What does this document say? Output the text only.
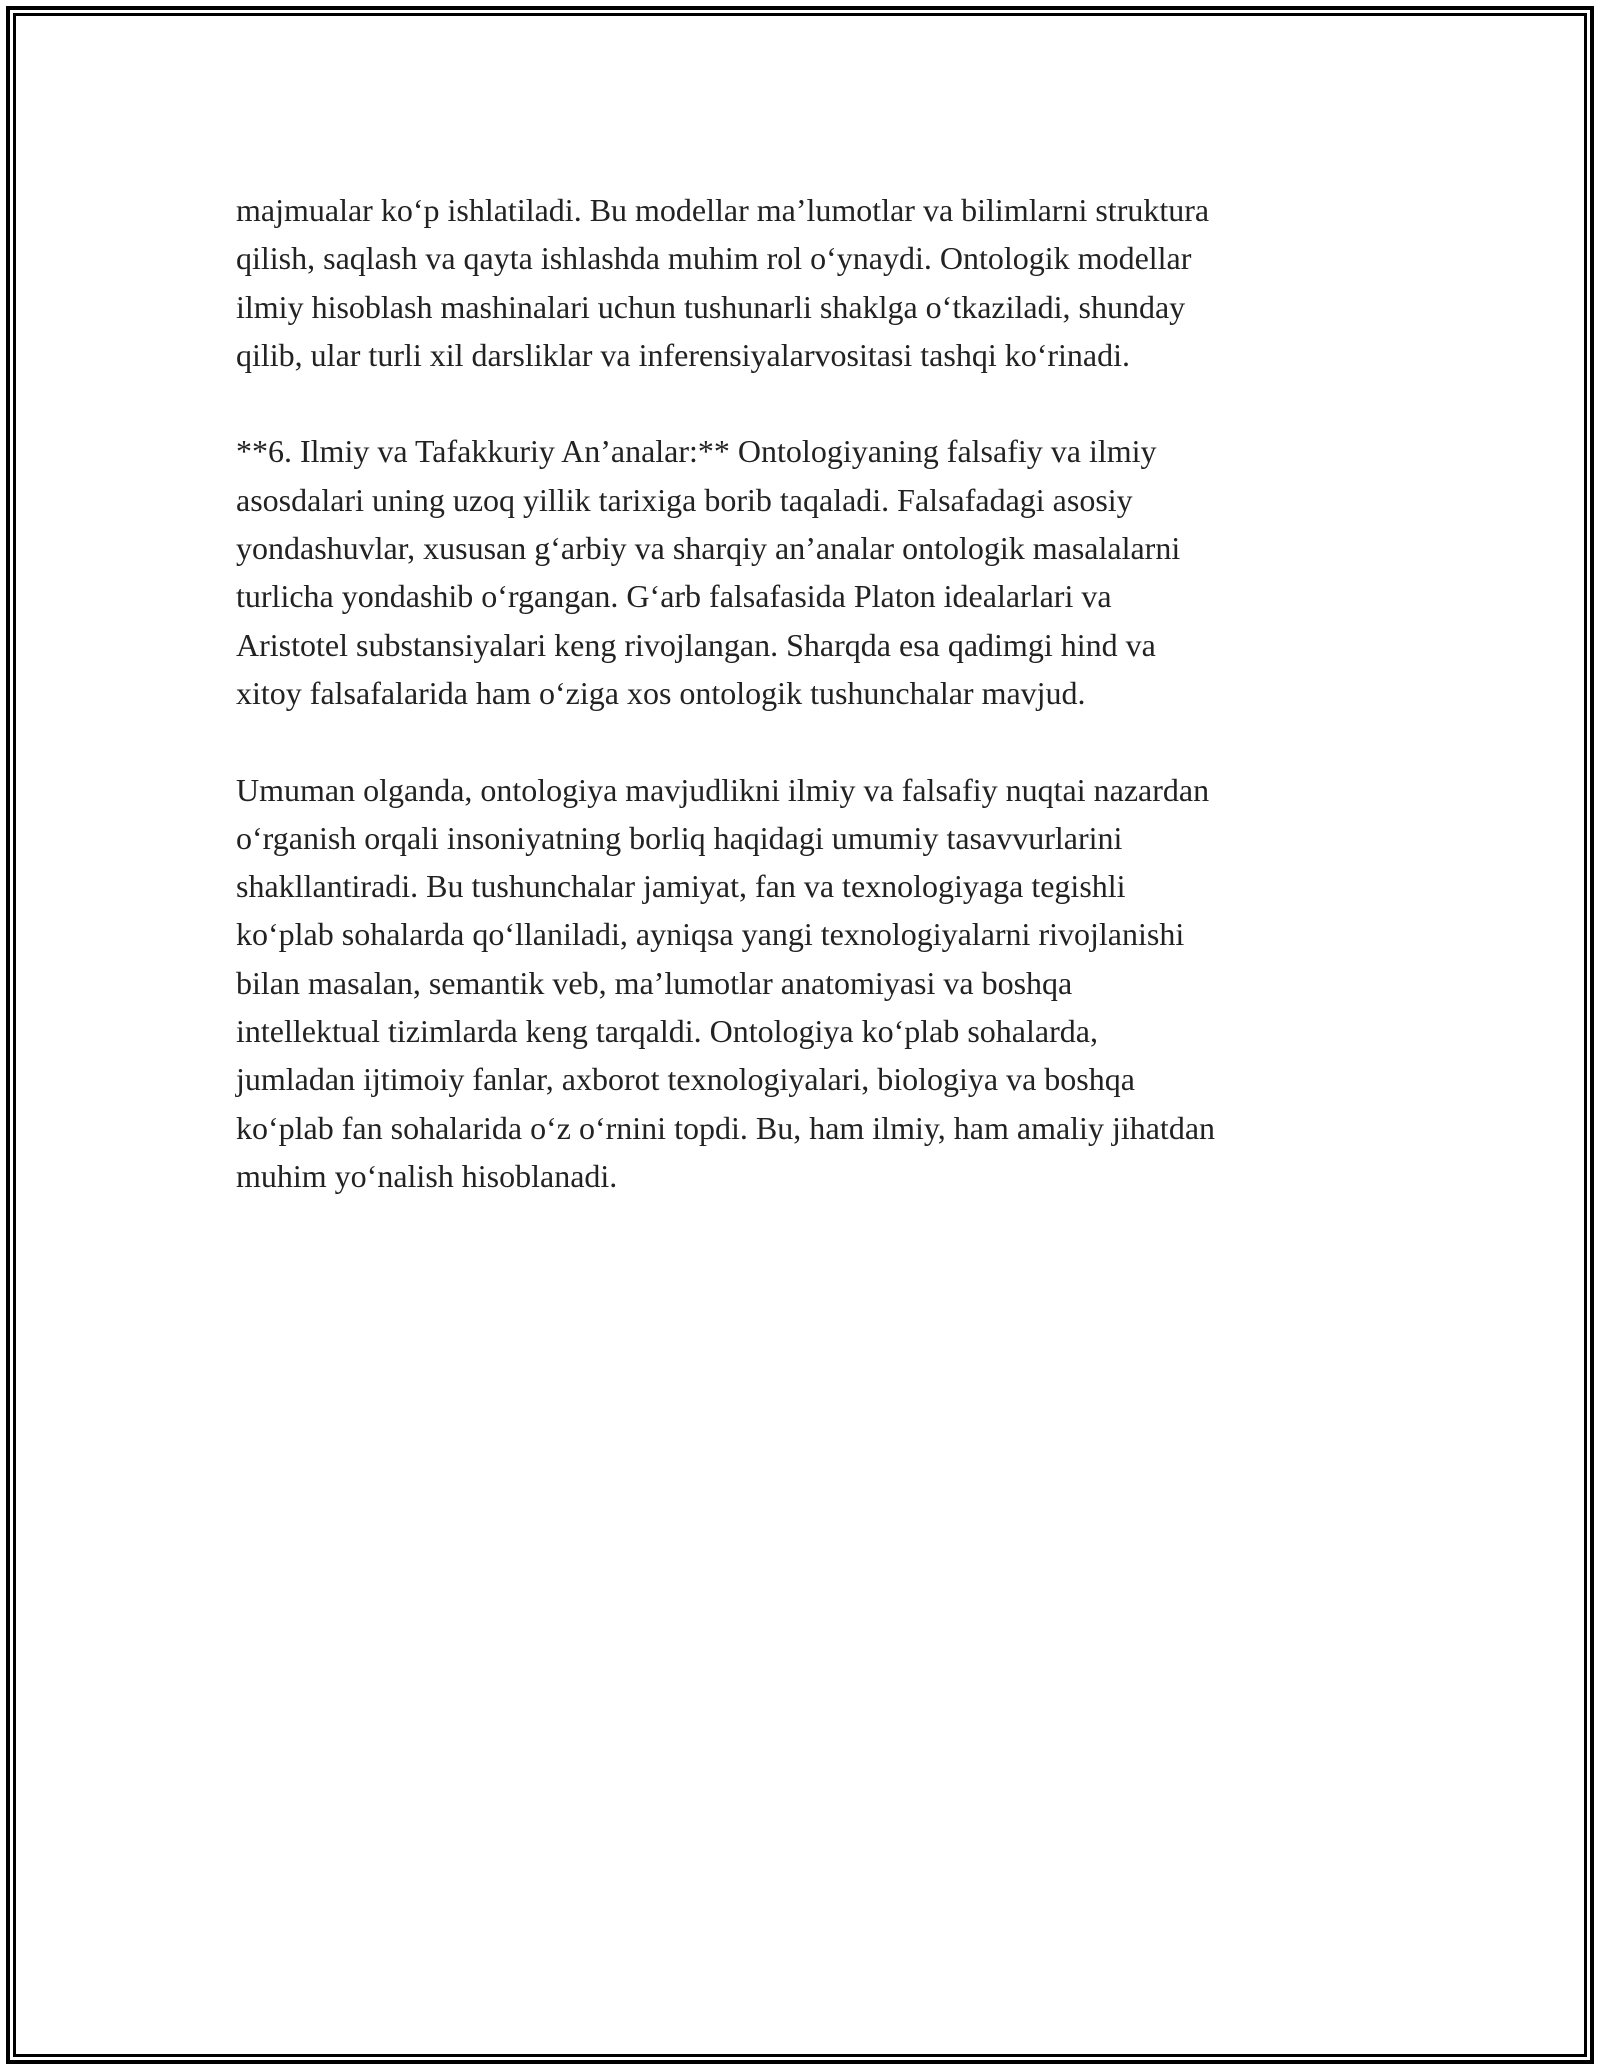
majmualar ko‘p ishlatiladi. Bu modellar ma’lumotlar va bilimlarni struktura
qilish, saqlash va qayta ishlashda muhim rol o‘ynaydi. Ontologik modellar
ilmiy hisoblash mashinalari uchun tushunarli shaklga o‘tkaziladi, shunday
qilib, ular turli xil darsliklar va inferensiyalarvositasi tashqi ko‘rinadi.

**6. Ilmiy va Tafakkuriy An’analar:** Ontologiyaning falsafiy va ilmiy
asosdalari uning uzoq yillik tarixiga borib taqaladi. Falsafadagi asosiy
yondashuvlar, xususan g‘arbiy va sharqiy an’analar ontologik masalalarni
turlicha yondashib o‘rgangan. G‘arb falsafasida Platon idealarlari va
Aristotel substansiyalari keng rivojlangan. Sharqda esa qadimgi hind va
xitoy falsafalarida ham o‘ziga xos ontologik tushunchalar mavjud.

Umuman olganda, ontologiya mavjudlikni ilmiy va falsafiy nuqtai nazardan
o‘rganish orqali insoniyatning borliq haqidagi umumiy tasavvurlarini
shakllantiradi. Bu tushunchalar jamiyat, fan va texnologiyaga tegishli
ko‘plab sohalarda qo‘llaniladi, ayniqsa yangi texnologiyalarni rivojlanishi
bilan masalan, semantik veb, ma’lumotlar anatomiyasi va boshqa
intellektual tizimlarda keng tarqaldi. Ontologiya ko‘plab sohalarda,
jumladan ijtimoiy fanlar, axborot texnologiyalari, biologiya va boshqa
ko‘plab fan sohalarida o‘z o‘rnini topdi. Bu, ham ilmiy, ham amaliy jihatdan
muhim yo‘nalish hisoblanadi.
